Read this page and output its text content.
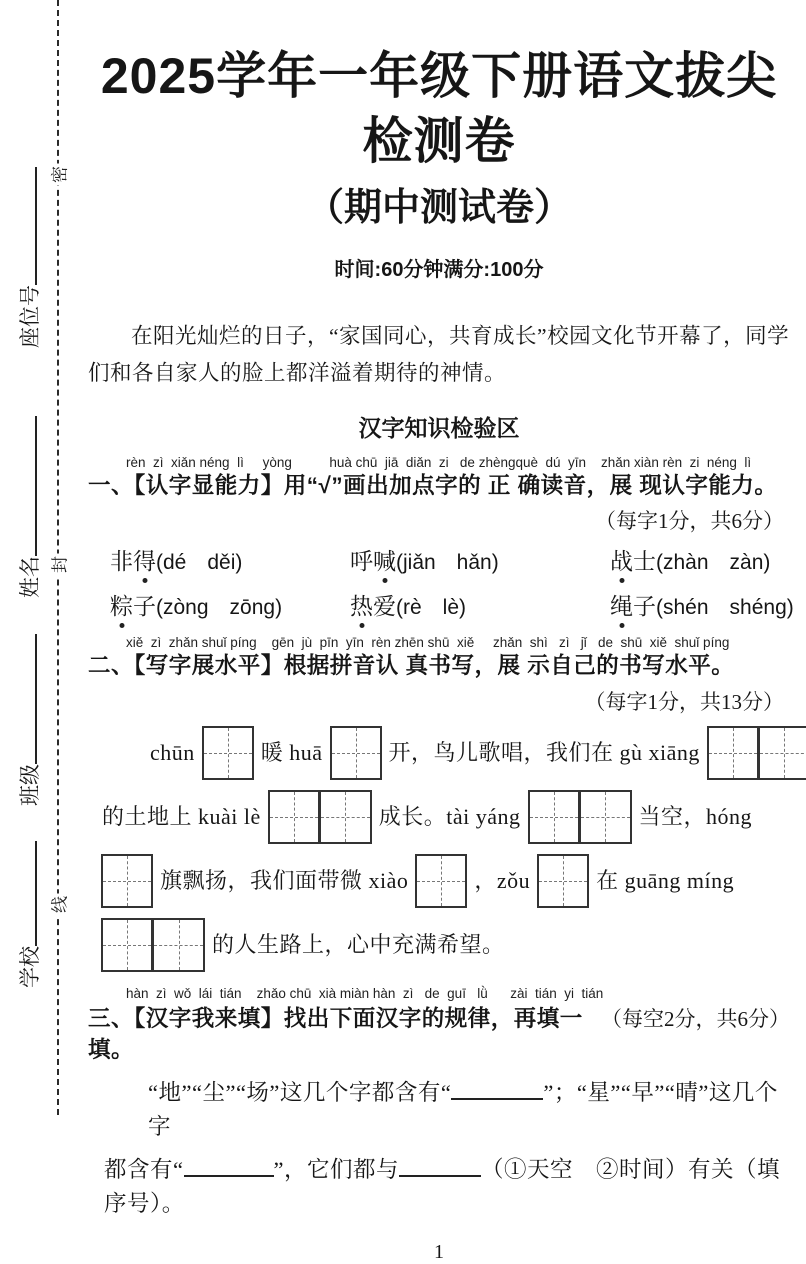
座位号
姓名
班级
学校
密
封
线
2025学年一年级下册语文拔尖检测卷
（期中测试卷）
时间:60分钟满分:100分
在阳光灿烂的日子，“家国同心，共育成长”校园文化节开幕了，同学们和各自家人的脸上都洋溢着期待的神情。
汉字知识检验区
rèn  zì  xiǎn néng  lì     yòng          huà chū  jiā  diǎn  zi   de zhèngquè  dú  yīn    zhǎn xiàn rèn  zi  néng  lì
一、【认字显能力】用“√”画出加点字的 正 确读音，展 现认字能力。
（每字1分，共6分）
非得(dé　děi)	呼喊(jiǎn　hǎn)	战士(zhàn　zàn)
粽子(zòng　zōng)	热爱(rè　lè)	绳子(shén　shéng)
xiě  zì  zhǎn shuǐ píng    gēn  jù  pīn  yīn  rèn zhēn shū  xiě     zhǎn  shì   zì   jǐ   de  shū  xiě  shuǐ píng
二、【写字展水平】根据拼音认 真书写，展 示自己的书写水平。
（每字1分，共13分）
chūn	暖 huā	开，鸟儿歌唱，我们在 gù xiāng
的土地上 kuài lè	成长。tài yáng	当空，hóng
旗飘扬，我们面带微 xiào	，zǒu	在 guāng míng
的人生路上，心中充满希望。
hàn  zì  wǒ  lái  tián    zhǎo chū  xià miàn hàn  zì   de  guī   lǜ      zài  tián  yi  tián
三、【汉字我来填】找出下面汉字的规律，再填一填。
（每空2分，共6分）
“地”“尘”“场”这几个字都含有“	”；“星”“早”“晴”这几个字
都含有“	”，它们都与	（①天空　②时间）有关（填序号）。
1
